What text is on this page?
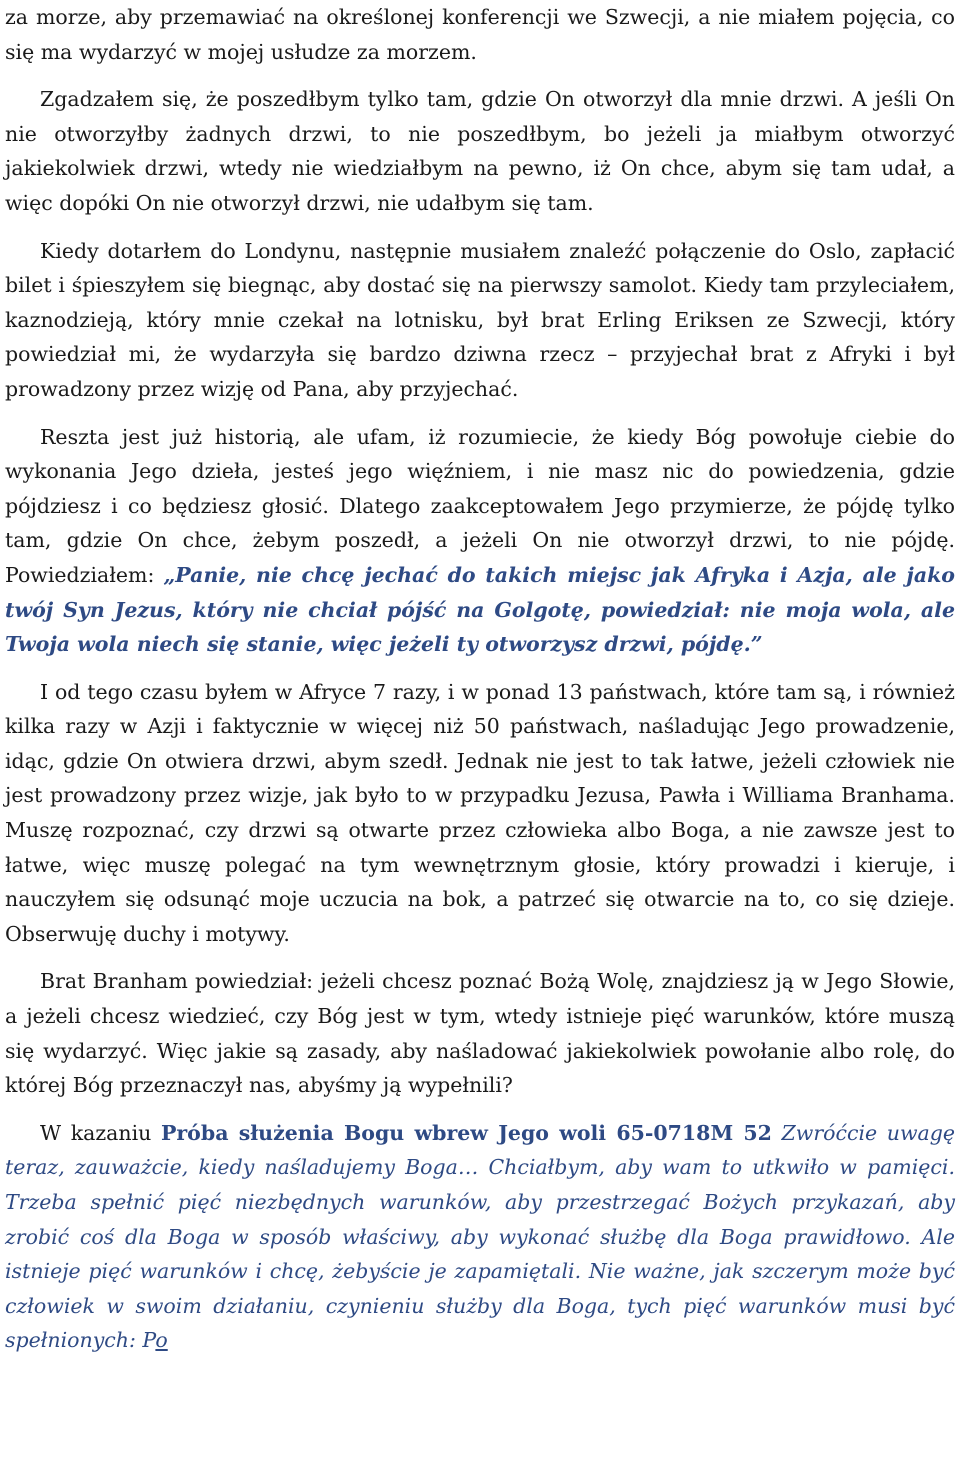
za morze, aby przemawiać na określonej konferencji we Szwecji, a nie miałem pojęcia, co się ma wydarzyć w mojej usłudze za morzem.

Zgadzałem się, że poszedłbym tylko tam, gdzie On otworzył dla mnie drzwi. A jeśli On nie otworzyłby żadnych drzwi, to nie poszedłbym, bo jeżeli ja miałbym otworzyć jakiekolwiek drzwi, wtedy nie wiedziałbym na pewno, iż On chce, abym się tam udał, a więc dopóki On nie otworzył drzwi, nie udałbym się tam.

Kiedy dotarłem do Londynu, następnie musiałem znaleźć połączenie do Oslo, zapłacić bilet i śpieszyłem się biegnąc, aby dostać się na pierwszy samolot. Kiedy tam przyleciałem, kaznodzieją, który mnie czekał na lotnisku, był brat Erling Eriksen ze Szwecji, który powiedział mi, że wydarzyła się bardzo dziwna rzecz – przyjechał brat z Afryki i był prowadzony przez wizję od Pana, aby przyjechać.

Reszta jest już historią, ale ufam, iż rozumiecie, że kiedy Bóg powołuje ciebie do wykonania Jego dzieła, jesteś jego więźniem, i nie masz nic do powiedzenia, gdzie pójdziesz i co będziesz głosić. Dlatego zaakceptowałem Jego przymierze, że pójdę tylko tam, gdzie On chce, żebym poszedł, a jeżeli On nie otworzył drzwi, to nie pójdę. Powiedziałem: „Panie, nie chcę jechać do takich miejsc jak Afryka i Azja, ale jako twój Syn Jezus, który nie chciał pójść na Golgotę, powiedział: nie moja wola, ale Twoja wola niech się stanie, więc jeżeli ty otworzysz drzwi, pójdę.”

I od tego czasu byłem w Afryce 7 razy, i w ponad 13 państwach, które tam są, i również kilka razy w Azji i faktycznie w więcej niż 50 państwach, naśladując Jego prowadzenie, idąc, gdzie On otwiera drzwi, abym szedł. Jednak nie jest to tak łatwe, jeżeli człowiek nie jest prowadzony przez wizje, jak było to w przypadku Jezusa, Pawła i Williama Branhama. Muszę rozpoznać, czy drzwi są otwarte przez człowieka albo Boga, a nie zawsze jest to łatwe, więc muszę polegać na tym wewnętrznym głosie, który prowadzi i kieruje, i nauczyłem się odsunąć moje uczucia na bok, a patrzeć się otwarcie na to, co się dzieje. Obserwuję duchy i motywy.

Brat Branham powiedział: jeżeli chcesz poznać Bożą Wolę, znajdziesz ją w Jego Słowie, a jeżeli chcesz wiedzieć, czy Bóg jest w tym, wtedy istnieje pięć warunków, które muszą się wydarzyć. Więc jakie są zasady, aby naśladować jakiekolwiek powołanie albo rolę, do której Bóg przeznaczył nas, abyśmy ją wypełnili?

W kazaniu Próba służenia Bogu wbrew Jego woli 65-0718M 52 Zwróćcie uwagę teraz, zauważcie, kiedy naśladujemy Boga… Chciałbym, aby wam to utkwiło w pamięci. Trzeba spełnić pięć niezbędnych warunków, aby przestrzegać Bożych przykazań, aby zrobić coś dla Boga w sposób właściwy, aby wykonać służbę dla Boga prawidłowo. Ale istnieje pięć warunków i chcę, żebyście je zapamiętali. Nie ważne, jak szczerym może być człowiek w swoim działaniu, czynieniu służby dla Boga, tych pięć warunków musi być spełnionych: Po
